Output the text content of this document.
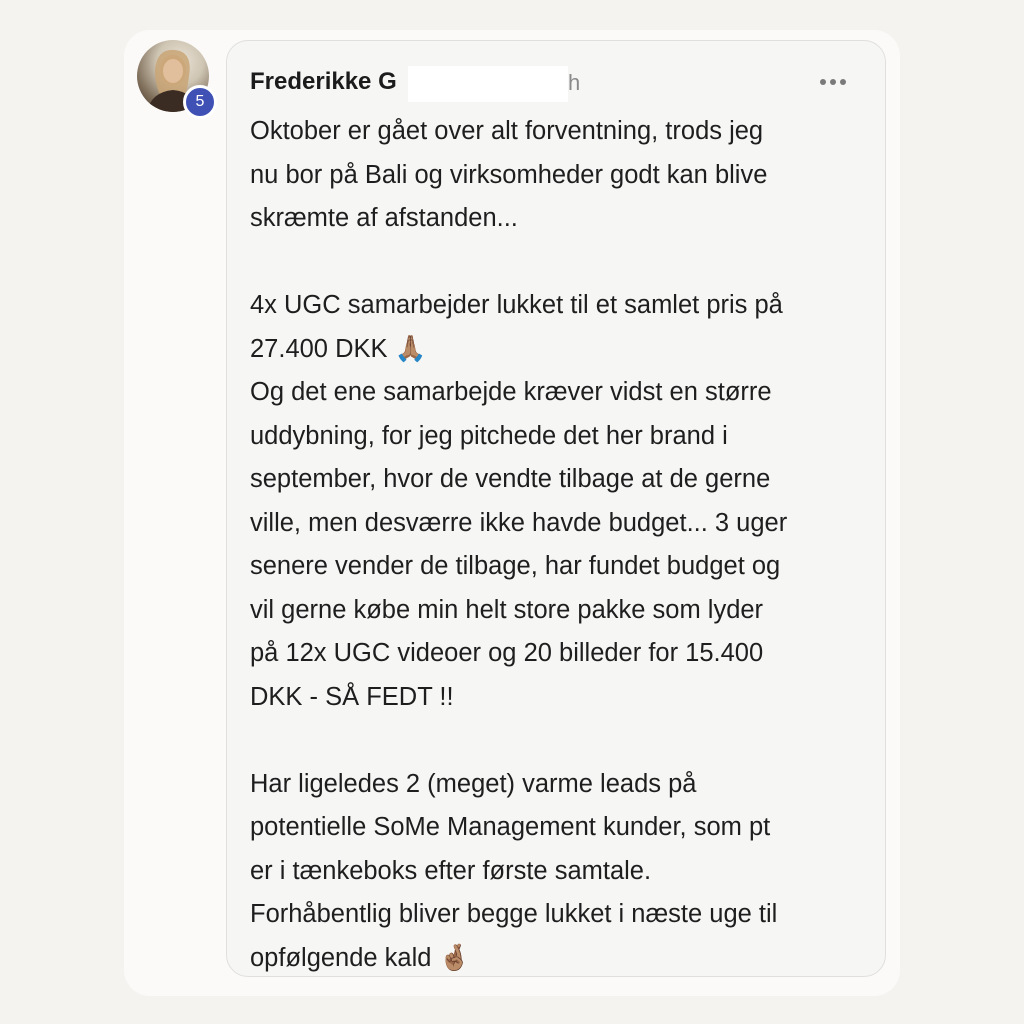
5
Frederikke G	h

Oktober er gået over alt forventning, trods jeg
nu bor på Bali og virksomheder godt kan blive
skræmte af afstanden...

4x UGC samarbejder lukket til et samlet pris på
27.400 DKK 🙏🏽
Og det ene samarbejde kræver vidst en større
uddybning, for jeg pitchede det her brand i
september, hvor de vendte tilbage at de gerne
ville, men desværre ikke havde budget... 3 uger
senere vender de tilbage, har fundet budget og
vil gerne købe min helt store pakke som lyder
på 12x UGC videoer og 20 billeder for 15.400
DKK - SÅ FEDT !!

Har ligeledes 2 (meget) varme leads på
potentielle SoMe Management kunder, som pt
er i tænkeboks efter første samtale.
Forhåbentlig bliver begge lukket i næste uge til
opfølgende kald 🤞🏽
